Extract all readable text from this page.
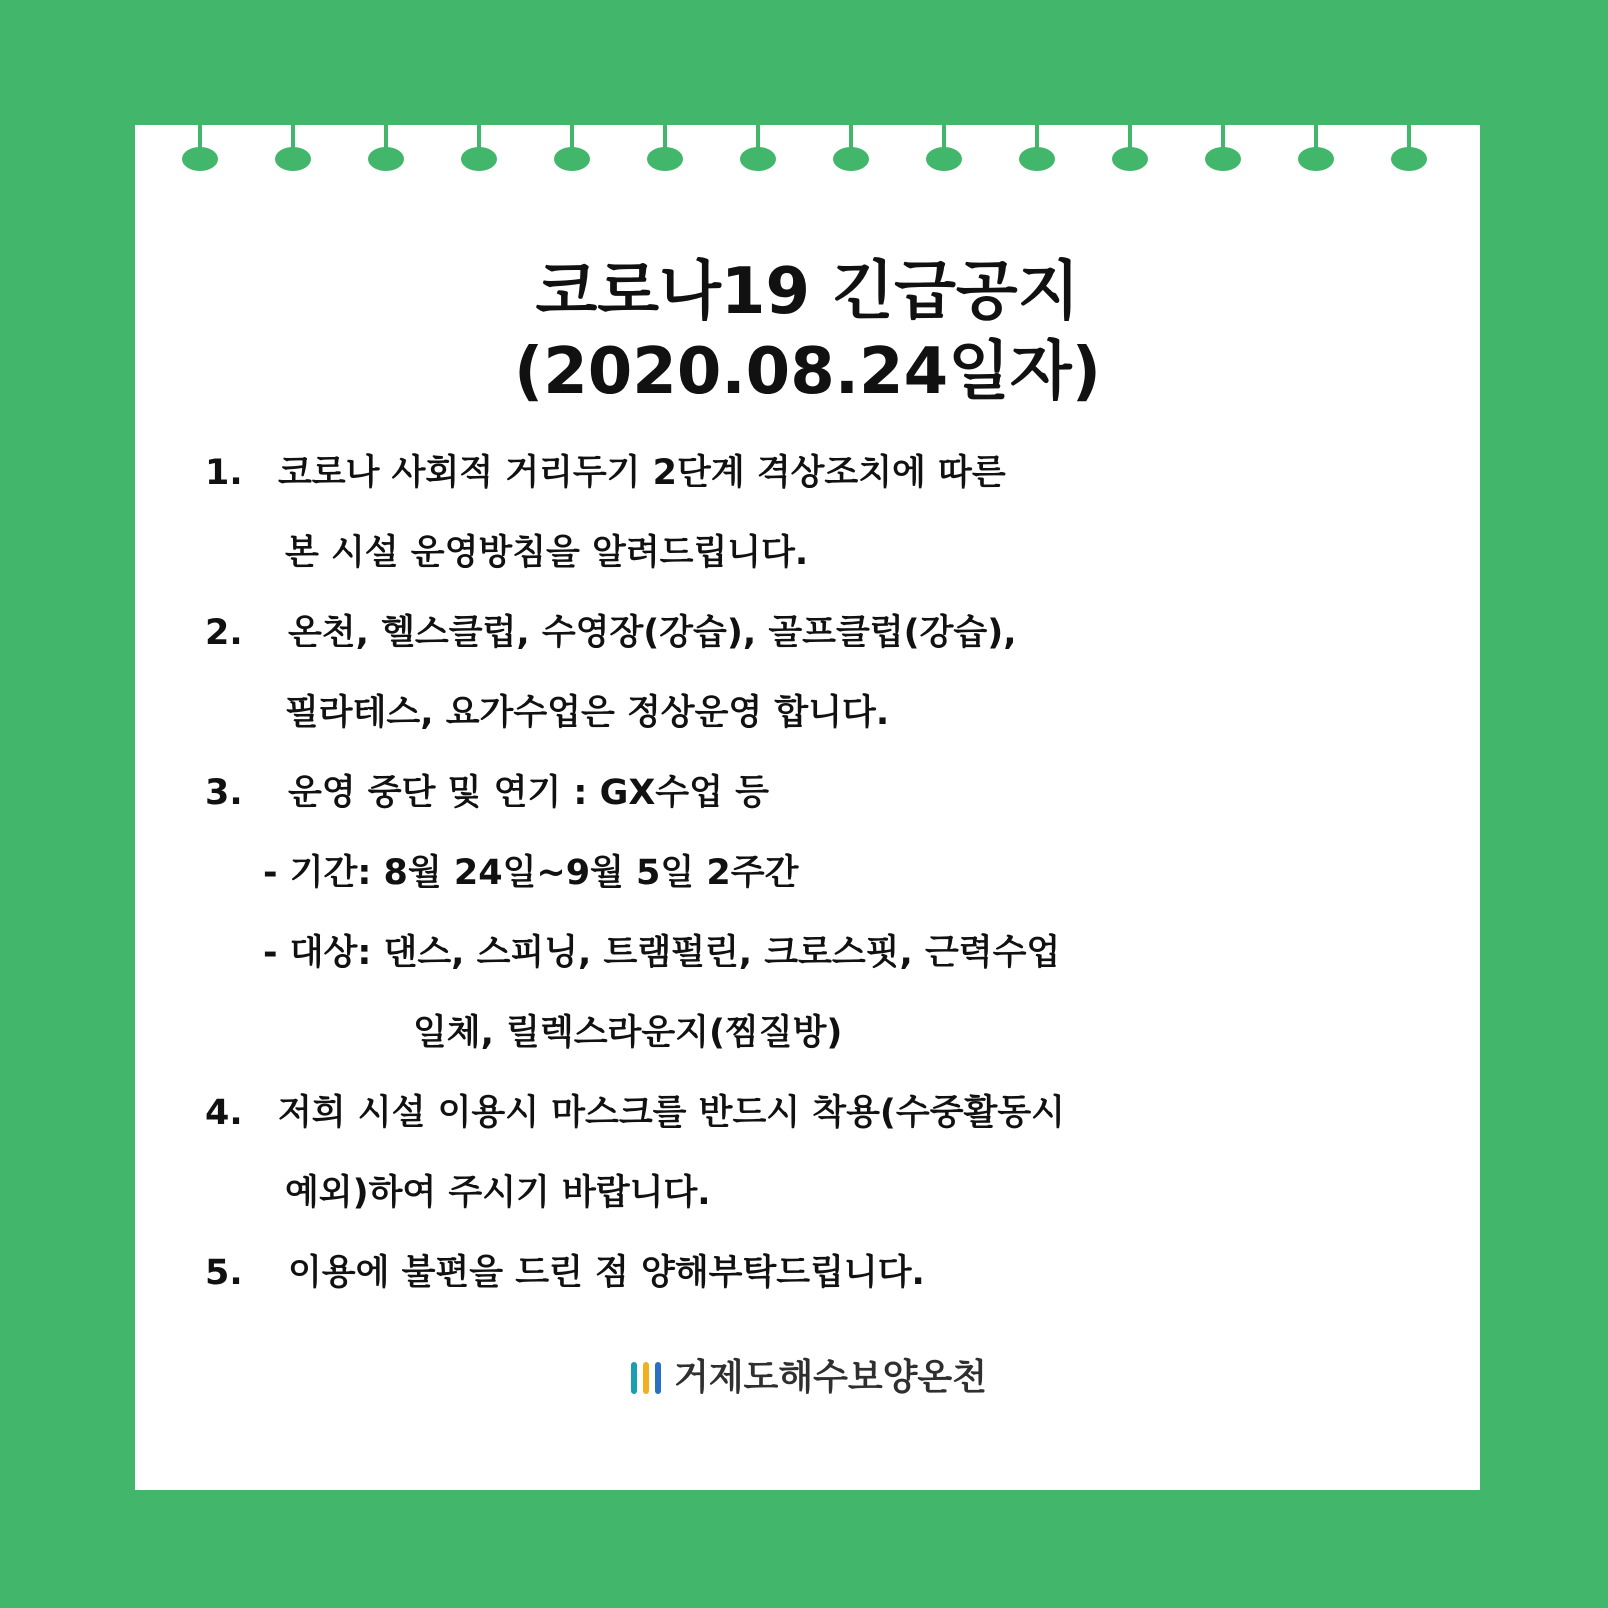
코로나19 긴급공지
(2020.08.24일자)
1.	코로나 사회적 거리두기 2단계 격상조치에 따른
본 시설 운영방침을 알려드립니다.
2.	온천, 헬스클럽, 수영장(강습), 골프클럽(강습),
필라테스, 요가수업은 정상운영 합니다.
3.	운영 중단 및 연기 : GX수업 등
- 기간: 8월 24일~9월 5일 2주간
- 대상: 댄스, 스피닝, 트램펄린, 크로스핏, 근력수업
일체, 릴렉스라운지(찜질방)
4.	저희 시설 이용시 마스크를 반드시 착용(수중활동시
예외)하여 주시기 바랍니다.
5.	이용에 불편을 드린 점 양해부탁드립니다.
거제도해수보양온천
